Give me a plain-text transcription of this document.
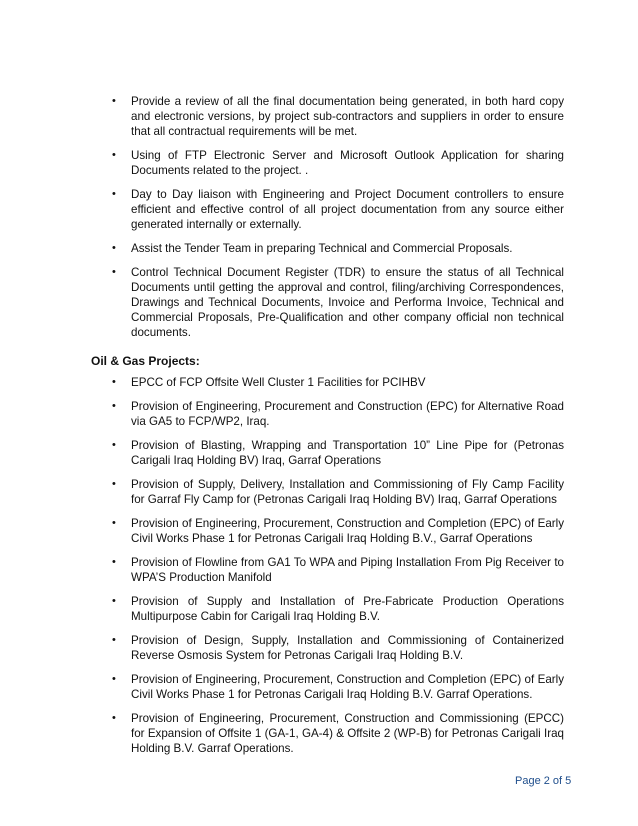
• Provide a review of all the final documentation being generated, in both hard copy and electronic versions, by project sub-contractors and suppliers in order to ensure that all contractual requirements will be met.
• Using of FTP Electronic Server and Microsoft Outlook Application for sharing Documents related to the project. .
• Day to Day liaison with Engineering and Project Document controllers to ensure efficient and effective control of all project documentation from any source either generated internally or externally.
• Assist the Tender Team in preparing Technical and Commercial Proposals.
• Control Technical Document Register (TDR) to ensure the status of all Technical Documents until getting the approval and control, filing/archiving Correspondences, Drawings and Technical Documents, Invoice and Performa Invoice, Technical and Commercial Proposals, Pre-Qualification and other company official non technical documents.
Oil & Gas Projects:
• EPCC of FCP Offsite Well Cluster 1 Facilities for PCIHBV
• Provision of Engineering, Procurement and Construction (EPC) for Alternative Road via GA5 to FCP/WP2, Iraq.
• Provision of Blasting, Wrapping and Transportation 10” Line Pipe for (Petronas Carigali Iraq Holding BV) Iraq, Garraf Operations
• Provision of Supply, Delivery, Installation and Commissioning of Fly Camp Facility for Garraf Fly Camp for (Petronas Carigali Iraq Holding BV) Iraq, Garraf Operations
• Provision of Engineering, Procurement, Construction and Completion (EPC) of Early Civil Works Phase 1 for Petronas Carigali Iraq Holding B.V., Garraf Operations
• Provision of Flowline from GA1 To WPA and Piping Installation From Pig Receiver to WPA’S Production Manifold
• Provision of Supply and Installation of Pre-Fabricate Production Operations Multipurpose Cabin for Carigali Iraq Holding B.V.
• Provision of Design, Supply, Installation and Commissioning of Containerized Reverse Osmosis System for Petronas Carigali Iraq Holding B.V.
• Provision of Engineering, Procurement, Construction and Completion (EPC) of Early Civil Works Phase 1 for Petronas Carigali Iraq Holding B.V. Garraf Operations.
• Provision of Engineering, Procurement, Construction and Commissioning (EPCC) for Expansion of Offsite 1 (GA-1, GA-4) & Offsite 2 (WP-B) for Petronas Carigali Iraq Holding B.V. Garraf Operations.
Page 2 of 5
